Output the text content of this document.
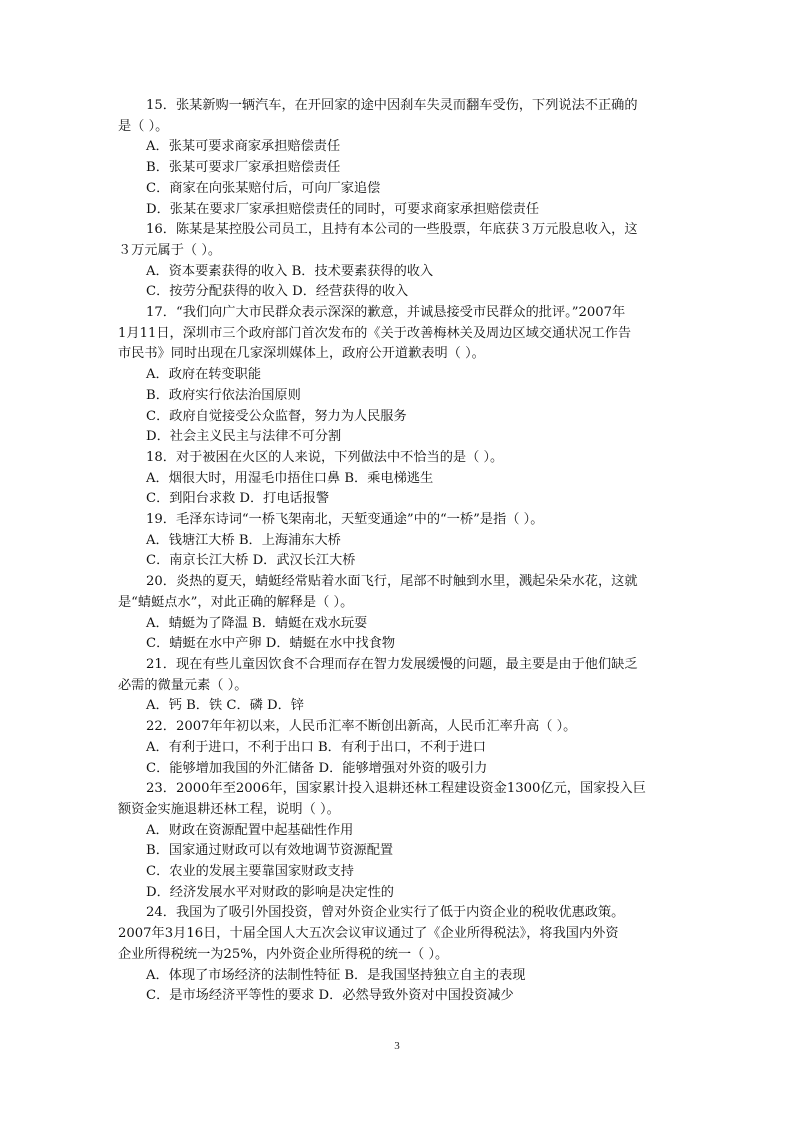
15．张某新购一辆汽车，在开回家的途中因刹车失灵而翻车受伤，下列说法不正确的
是（ ）。
A．张某可要求商家承担赔偿责任
B．张某可要求厂家承担赔偿责任
C．商家在向张某赔付后，可向厂家追偿
D．张某在要求厂家承担赔偿责任的同时，可要求商家承担赔偿责任
16．陈某是某控股公司员工，且持有本公司的一些股票，年底获３万元股息收入，这
３万元属于（ ）。
A．资本要素获得的收入 B．技术要素获得的收入
C．按劳分配获得的收入 D．经营获得的收入
17．“我们向广大市民群众表示深深的歉意，并诚恳接受市民群众的批评。”2007年
1月11日，深圳市三个政府部门首次发布的《关于改善梅林关及周边区域交通状况工作告
市民书》同时出现在几家深圳媒体上，政府公开道歉表明（ ）。
A．政府在转变职能
B．政府实行依法治国原则
C．政府自觉接受公众监督，努力为人民服务
D．社会主义民主与法律不可分割
18．对于被困在火区的人来说，下列做法中不恰当的是（ ）。
A．烟很大时，用湿毛巾捂住口鼻 B．乘电梯逃生
C．到阳台求救 D．打电话报警
19．毛泽东诗词“一桥飞架南北，天堑变通途”中的“一桥”是指（ ）。
A．钱塘江大桥 B．上海浦东大桥
C．南京长江大桥 D．武汉长江大桥
20．炎热的夏天，蜻蜓经常贴着水面飞行，尾部不时触到水里，溅起朵朵水花，这就
是“蜻蜓点水”，对此正确的解释是（ ）。
A．蜻蜓为了降温 B．蜻蜓在戏水玩耍
C．蜻蜓在水中产卵 D．蜻蜓在水中找食物
21．现在有些儿童因饮食不合理而存在智力发展缓慢的问题，最主要是由于他们缺乏
必需的微量元素（ ）。
A．钙 B．铁 C．磷 D．锌
22．2007年年初以来，人民币汇率不断创出新高，人民币汇率升高（ ）。
A．有利于进口，不利于出口 B．有利于出口，不利于进口
C．能够增加我国的外汇储备 D．能够增强对外资的吸引力
23．2000年至2006年，国家累计投入退耕还林工程建设资金1300亿元，国家投入巨
额资金实施退耕还林工程，说明（ ）。
A．财政在资源配置中起基础性作用
B．国家通过财政可以有效地调节资源配置
C．农业的发展主要靠国家财政支持
D．经济发展水平对财政的影响是决定性的
24．我国为了吸引外国投资，曾对外资企业实行了低于内资企业的税收优惠政策。
2007年3月16日，十届全国人大五次会议审议通过了《企业所得税法》，将我国内外资
企业所得税统一为25%，内外资企业所得税的统一（ ）。
A．体现了市场经济的法制性特征 B．是我国坚持独立自主的表现
C．是市场经济平等性的要求 D．必然导致外资对中国投资减少
3
